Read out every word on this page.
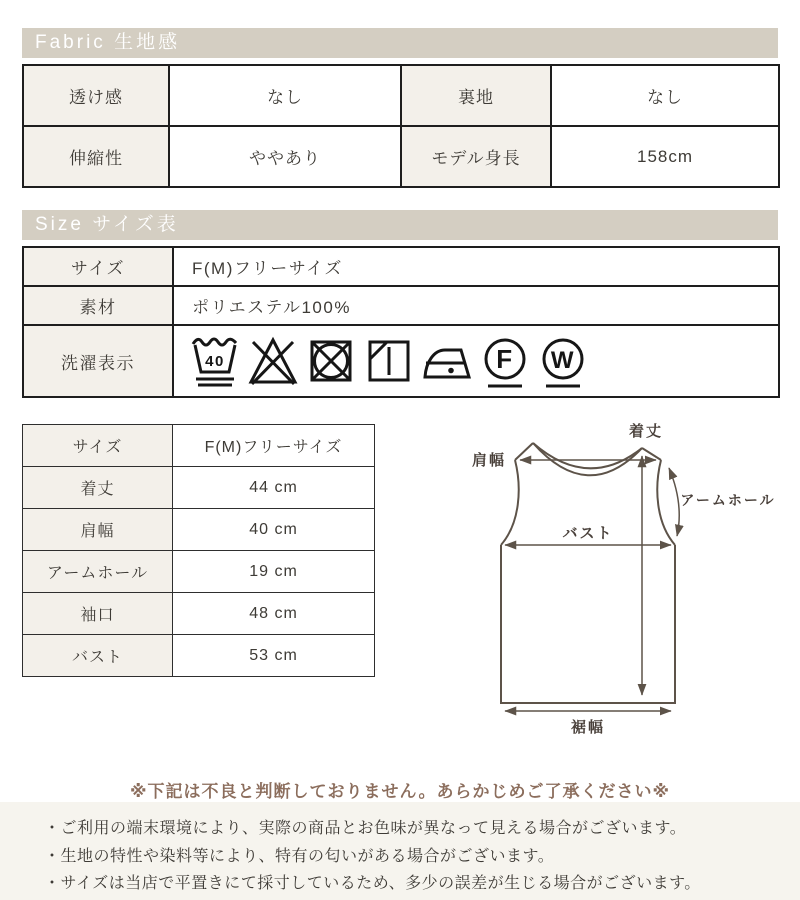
Fabric 生地感
透け感	なし	裏地	なし
伸縮性	ややあり	モデル身長	158cm
Size サイズ表
サイズ	F(M)フリーサイズ
素材	ポリエステル100%
洗濯表示	40 F W
サイズ	F(M)フリーサイズ
着丈	44 cm
肩幅	40 cm
アームホール	19 cm
袖口	48 cm
バスト	53 cm
着丈
肩幅
アームホール
バスト
裾幅
※下記は不良と判断しておりません。あらかじめご了承ください※
・ご利用の端末環境により、実際の商品とお色味が異なって見える場合がございます。
・生地の特性や染料等により、特有の匂いがある場合がございます。
・サイズは当店で平置きにて採寸しているため、多少の誤差が生じる場合がございます。
